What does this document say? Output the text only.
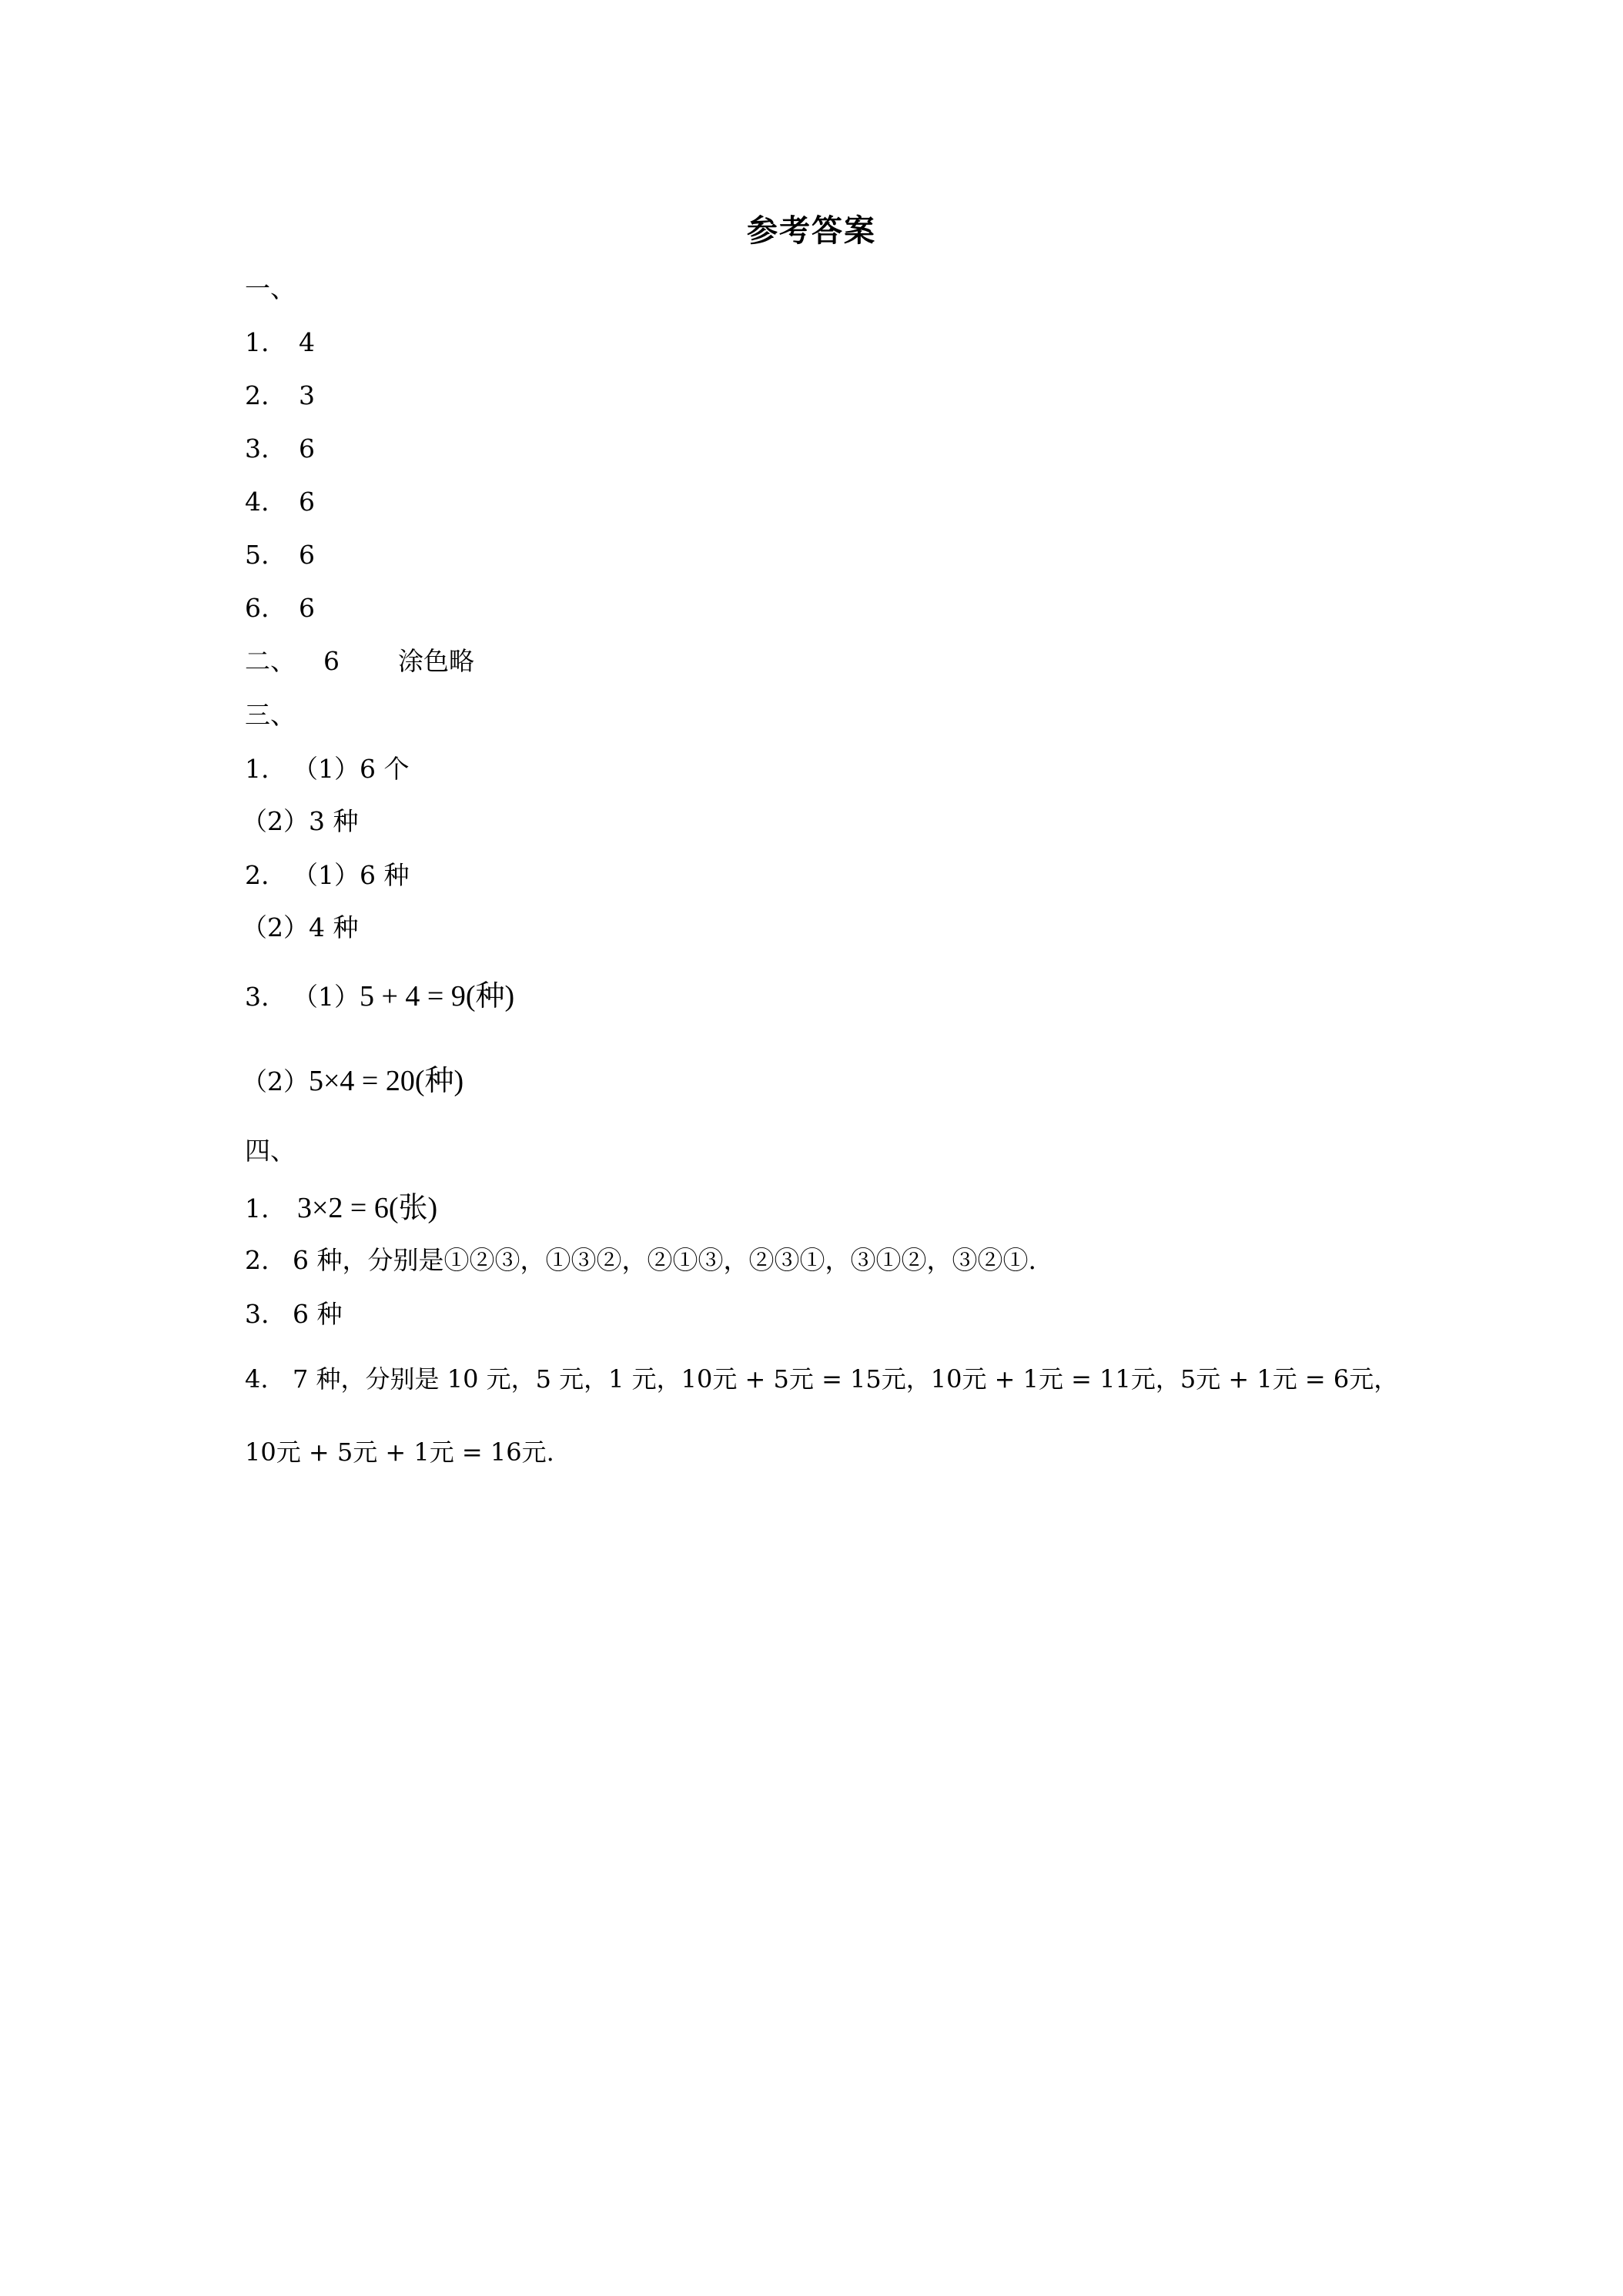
参考答案
一、
1. 4
2. 3
3. 6
4. 6
5. 6
6. 6
二、 6 涂色略
三、
1. （1）6 个
（2）3 种
2. （1）6 种
（2）4 种
3. （1）5 + 4 = 9(种)
（2）5×4 = 20(种)
四、
1. 3×2 = 6(张)
2. 6 种，分别是①②③，①③②，②①③，②③①，③①②，③②①.
3. 6 种
4. 7 种，分别是 10 元，5 元，1 元，10元 + 5元 = 15元，10元 + 1元 = 11元，5元 + 1元 = 6元，
10元 + 5元 + 1元 = 16元.
